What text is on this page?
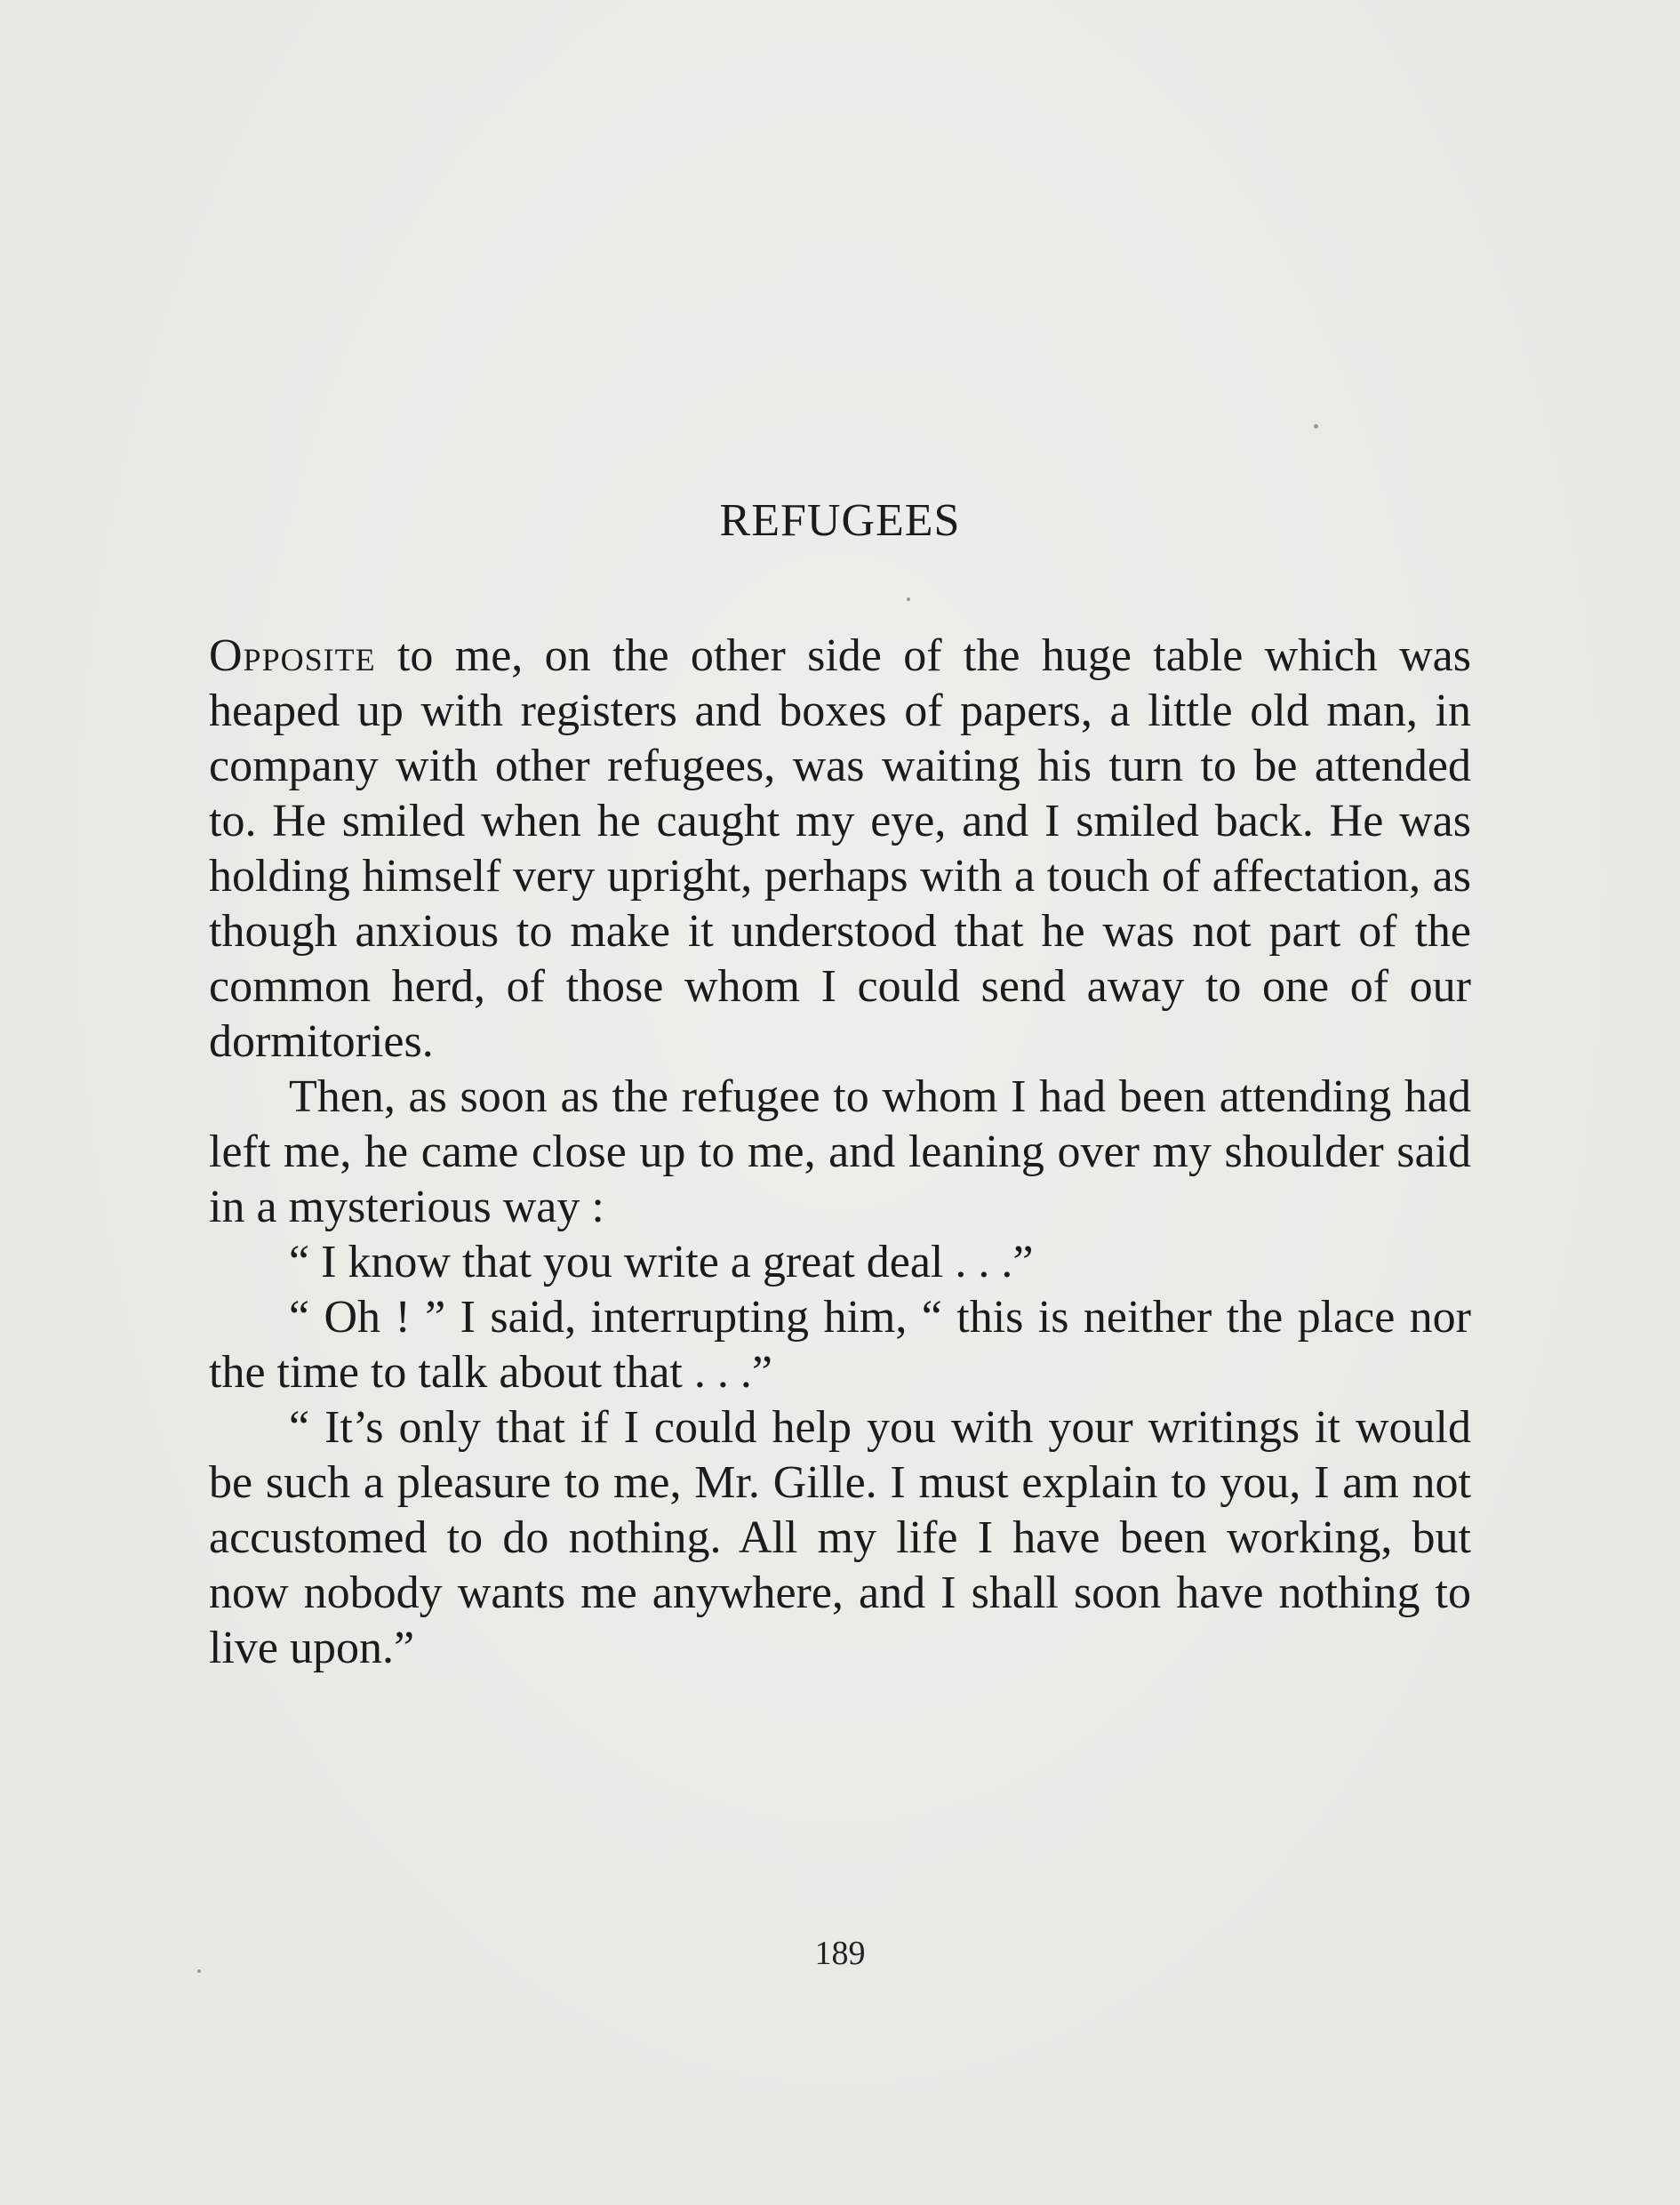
REFUGEES

Opposite to me, on the other side of the huge table which was heaped up with registers and boxes of papers, a little old man, in company with other refugees, was waiting his turn to be attended to. He smiled when he caught my eye, and I smiled back. He was holding himself very upright, perhaps with a touch of affectation, as though anxious to make it understood that he was not part of the common herd, of those whom I could send away to one of our dormitories.

Then, as soon as the refugee to whom I had been attending had left me, he came close up to me, and leaning over my shoulder said in a mysterious way :

“ I know that you write a great deal . . .”

“ Oh ! ” I said, interrupting him, “ this is neither the place nor the time to talk about that . . .”

“ It’s only that if I could help you with your writings it would be such a pleasure to me, Mr. Gille. I must explain to you, I am not accustomed to do nothing. All my life I have been working, but now nobody wants me anywhere, and I shall soon have nothing to live upon.”

189
